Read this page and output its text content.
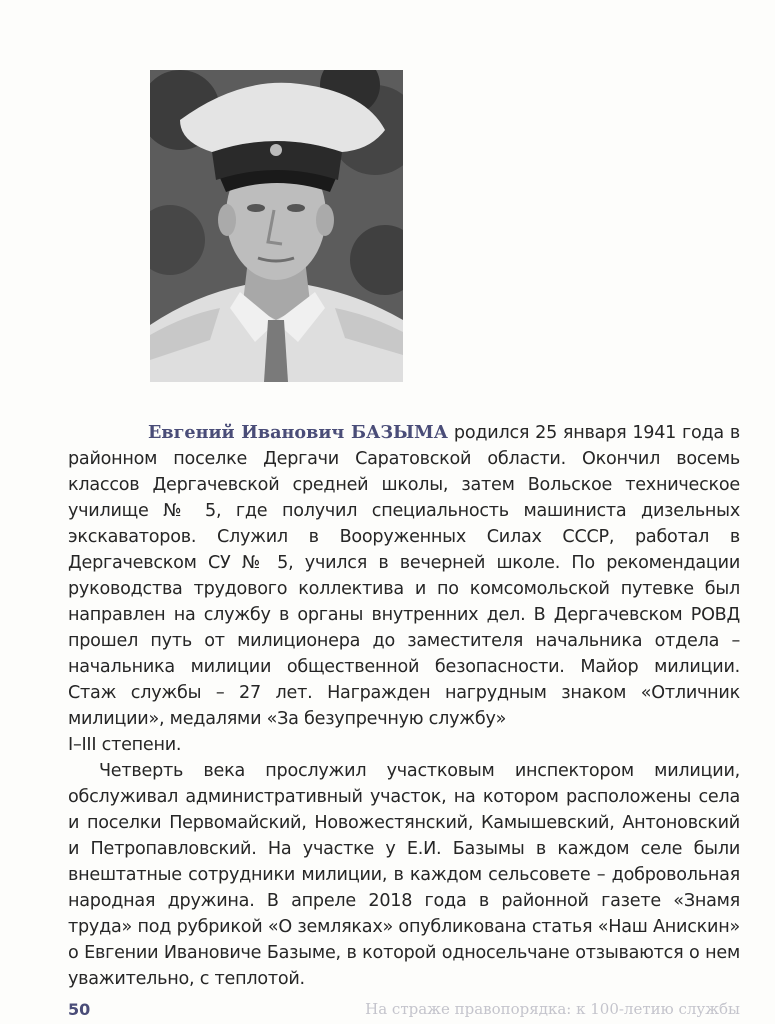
Евгений Иванович БАЗЫМА родился 25 января 1941 года в районном поселке Дергачи Саратовской области. Окончил восемь классов Дергачевской средней школы, затем Вольское техническое училище № 5, где получил специальность машиниста дизельных экскаваторов. Служил в Вооруженных Силах СССР, работал в Дергачевском СУ № 5, учился в вечерней школе. По рекомендации руководства трудового коллектива и по комсомольской путевке был направлен на службу в органы внутренних дел. В Дергачевском РОВД прошел путь от милиционера до заместителя начальника отдела – начальника милиции общественной безопасности. Майор милиции. Стаж службы – 27 лет. Награжден нагрудным знаком «Отличник милиции», медалями «За безупречную службу»

I–III степени.

Четверть века прослужил участковым инспектором милиции, обслуживал административный участок, на котором расположены села и поселки Первомайский, Новожестянский, Камышевский, Антоновский и Петропавловский. На участке у Е.И. Базымы в каждом селе были внештатные сотрудники милиции, в каждом сельсовете – добровольная народная дружина. В апреле 2018 года в районной газете «Знамя труда» под рубрикой «О земляках» опубликована статья «Наш Анискин» о Евгении Ивановиче Базыме, в которой односельчане отзываются о нем уважительно, с теплотой.

50	На страже правопорядка: к 100-летию службы
